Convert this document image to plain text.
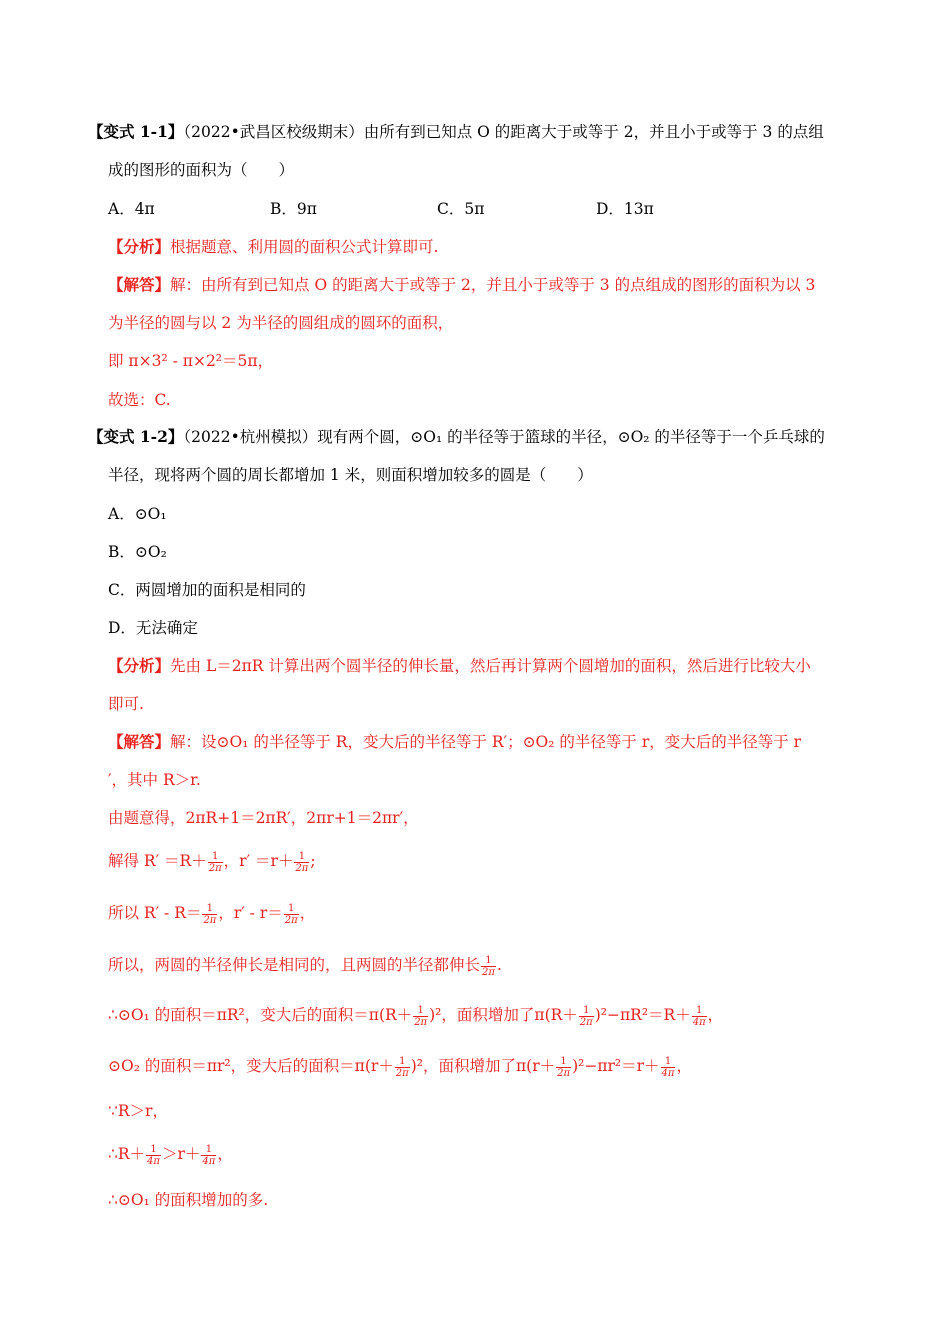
【变式 1-1】（2022•武昌区校级期末）由所有到已知点 O 的距离大于或等于 2，并且小于或等于 3 的点组
成的图形的面积为（　　）
A．4π	B．9π	C．5π	D．13π
【分析】根据题意、利用圆的面积公式计算即可.
【解答】解：由所有到已知点 O 的距离大于或等于 2，并且小于或等于 3 的点组成的图形的面积为以 3
为半径的圆与以 2 为半径的圆组成的圆环的面积，
即 π×3² - π×2²＝5π，
故选：C.
【变式 1-2】（2022•杭州模拟）现有两个圆，⊙O₁ 的半径等于篮球的半径，⊙O₂ 的半径等于一个乒乓球的
半径，现将两个圆的周长都增加 1 米，则面积增加较多的圆是（　　）
A．⊙O₁
B．⊙O₂
C．两圆增加的面积是相同的
D．无法确定
【分析】先由 L＝2πR 计算出两个圆半径的伸长量，然后再计算两个圆增加的面积，然后进行比较大小
即可.
【解答】解：设⊙O₁ 的半径等于 R，变大后的半径等于 R′；⊙O₂ 的半径等于 r，变大后的半径等于 r
′，其中 R＞r.
由题意得，2πR+1＝2πR′，2πr+1＝2πr′，
解得 $R' =R+ \frac{1}{2\pi}$ ，$r' =r+ \frac{1}{2\pi}$ ;
所以 $R' - R= \frac{1}{2\pi}$ ，$r' - r= \frac{1}{2\pi}$ ，
所以，两圆的半径伸长是相同的，且两圆的半径都伸长 $\frac{1}{2\pi}$ .
∴⊙O₁ 的面积＝πR²，变大后的面积$=\pi(R+ \frac{1}{2\pi} )^2$，面积增加了$\pi(R+ \frac{1}{2\pi} )^2-\pi R^2=R+ \frac{1}{4\pi}$ ，
⊙O₂ 的面积＝πr²，变大后的面积$=\pi(r+ \frac{1}{2\pi} )^2$，面积增加了$\pi(r+ \frac{1}{2\pi} )^2-\pi r^2=r+ \frac{1}{4\pi}$ ，
∵R＞r，
∴R＋ $\frac{1}{4\pi} >r+ \frac{1}{4\pi}$ ，
∴⊙O₁ 的面积增加的多.
